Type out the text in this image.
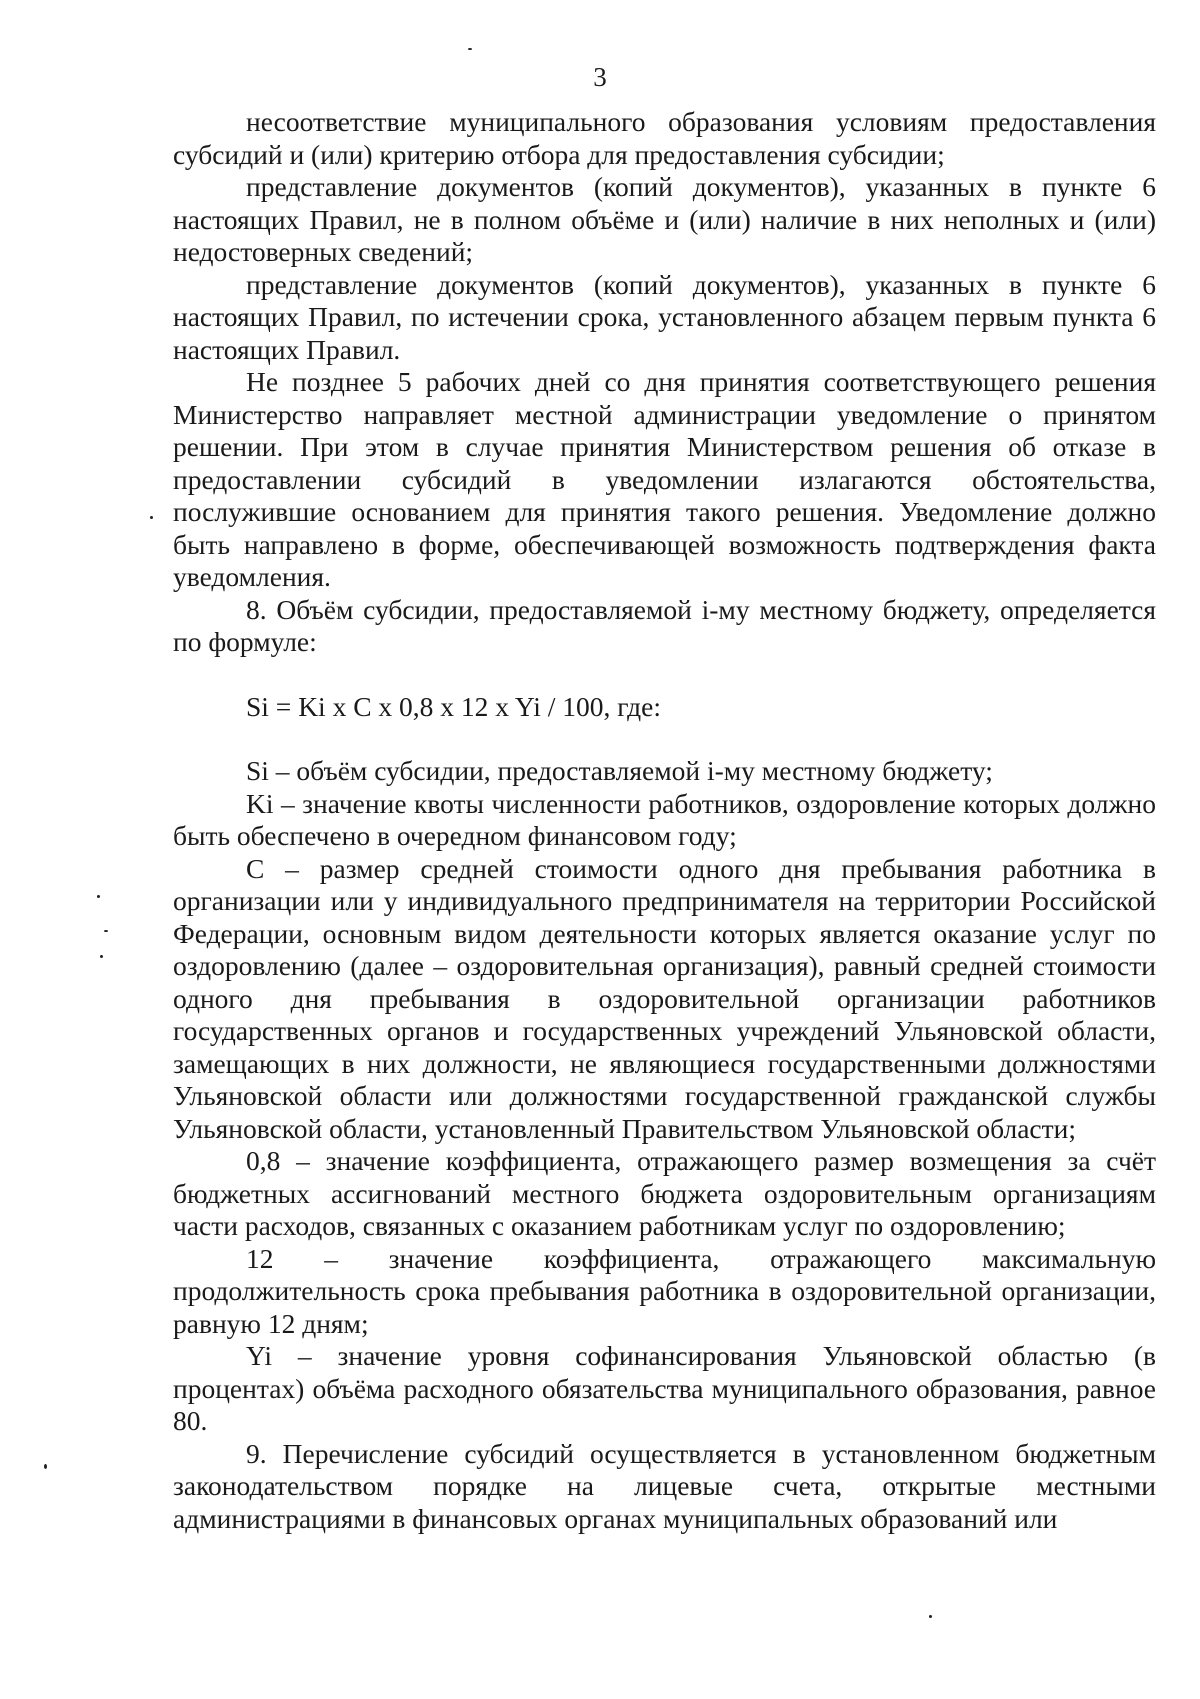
3

несоответствие муниципального образования условиям предоставления субсидий и (или) критерию отбора для предоставления субсидии;

представление документов (копий документов), указанных в пункте 6 настоящих Правил, не в полном объёме и (или) наличие в них неполных и (или) недостоверных сведений;

представление документов (копий документов), указанных в пункте 6 настоящих Правил, по истечении срока, установленного абзацем первым пункта 6 настоящих Правил.

Не позднее 5 рабочих дней со дня принятия соответствующего решения Министерство направляет местной администрации уведомление о принятом решении. При этом в случае принятия Министерством решения об отказе в предоставлении субсидий в уведомлении излагаются обстоятельства, послужившие основанием для принятия такого решения. Уведомление должно быть направлено в форме, обеспечивающей возможность подтверждения факта уведомления.

8. Объём субсидии, предоставляемой i-му местному бюджету, определяется по формуле:

Si = Ki x C x 0,8 x 12 x Yi / 100, где:

Si – объём субсидии, предоставляемой i-му местному бюджету;

Ki – значение квоты численности работников, оздоровление которых должно быть обеспечено в очередном финансовом году;

С – размер средней стоимости одного дня пребывания работника в организации или у индивидуального предпринимателя на территории Российской Федерации, основным видом деятельности которых является оказание услуг по оздоровлению (далее – оздоровительная организация), равный средней стоимости одного дня пребывания в оздоровительной организации работников государственных органов и государственных учреждений Ульяновской области, замещающих в них должности, не являющиеся государственными должностями Ульяновской области или должностями государственной гражданской службы Ульяновской области, установленный Правительством Ульяновской области;

0,8 – значение коэффициента, отражающего размер возмещения за счёт бюджетных ассигнований местного бюджета оздоровительным организациям части расходов, связанных с оказанием работникам услуг по оздоровлению;

12 – значение коэффициента, отражающего максимальную продолжительность срока пребывания работника в оздоровительной организации, равную 12 дням;

Yi – значение уровня софинансирования Ульяновской областью (в процентах) объёма расходного обязательства муниципального образования, равное 80.

9. Перечисление субсидий осуществляется в установленном бюджетным законодательством порядке на лицевые счета, открытые местными администрациями в финансовых органах муниципальных образований или
